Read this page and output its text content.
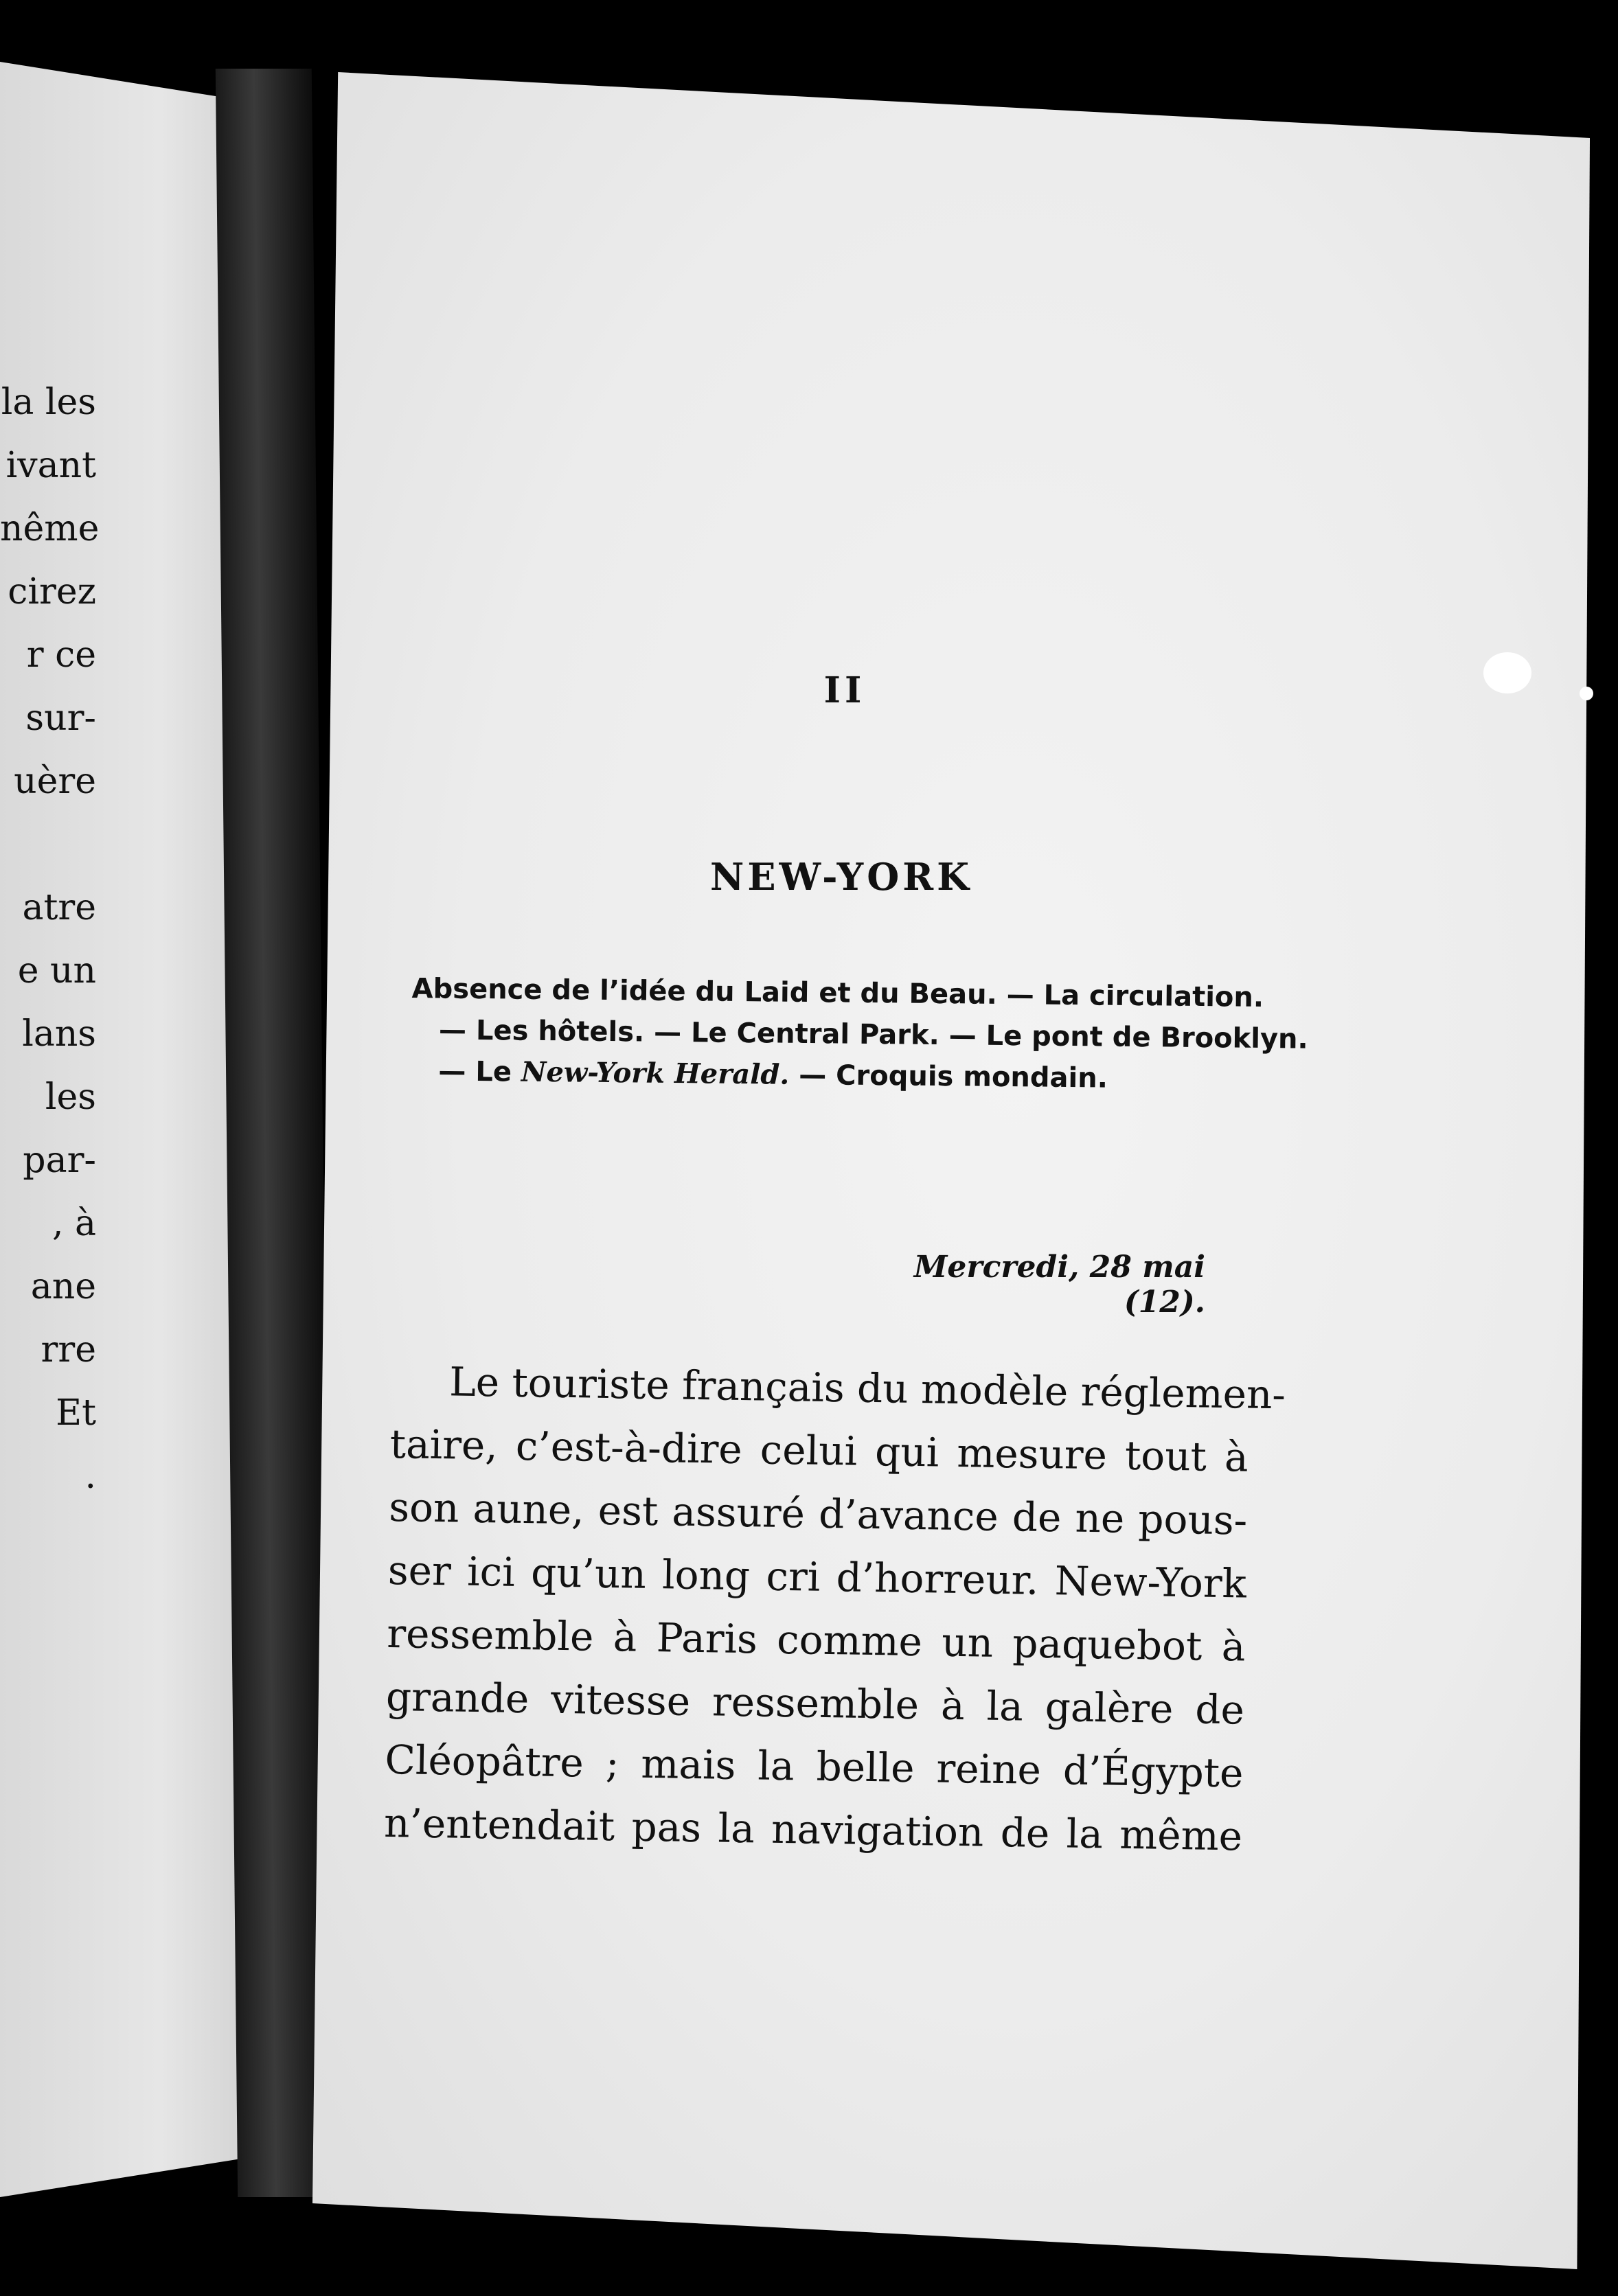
la les
ivant
nême
cirez
r ce
sur-
uère
atre
e un
lans
les
par-
, à
ane
rre
Et
.
II
NEW-YORK
Absence de l’idée du Laid et du Beau. — La circulation.
— Les hôtels. — Le Central Park. — Le pont de Brooklyn.
— Le New-York Herald. — Croquis mondain.
Mercredi, 28 mai (12).
Le touriste français du modèle réglemen-
taire, c’est-à-dire celui qui mesure tout à
son aune, est assuré d’avance de ne pous-
ser ici qu’un long cri d’horreur. New-York
ressemble à Paris comme un paquebot à
grande vitesse ressemble à la galère de
Cléopâtre ; mais la belle reine d’Égypte
n’entendait pas la navigation de la même
